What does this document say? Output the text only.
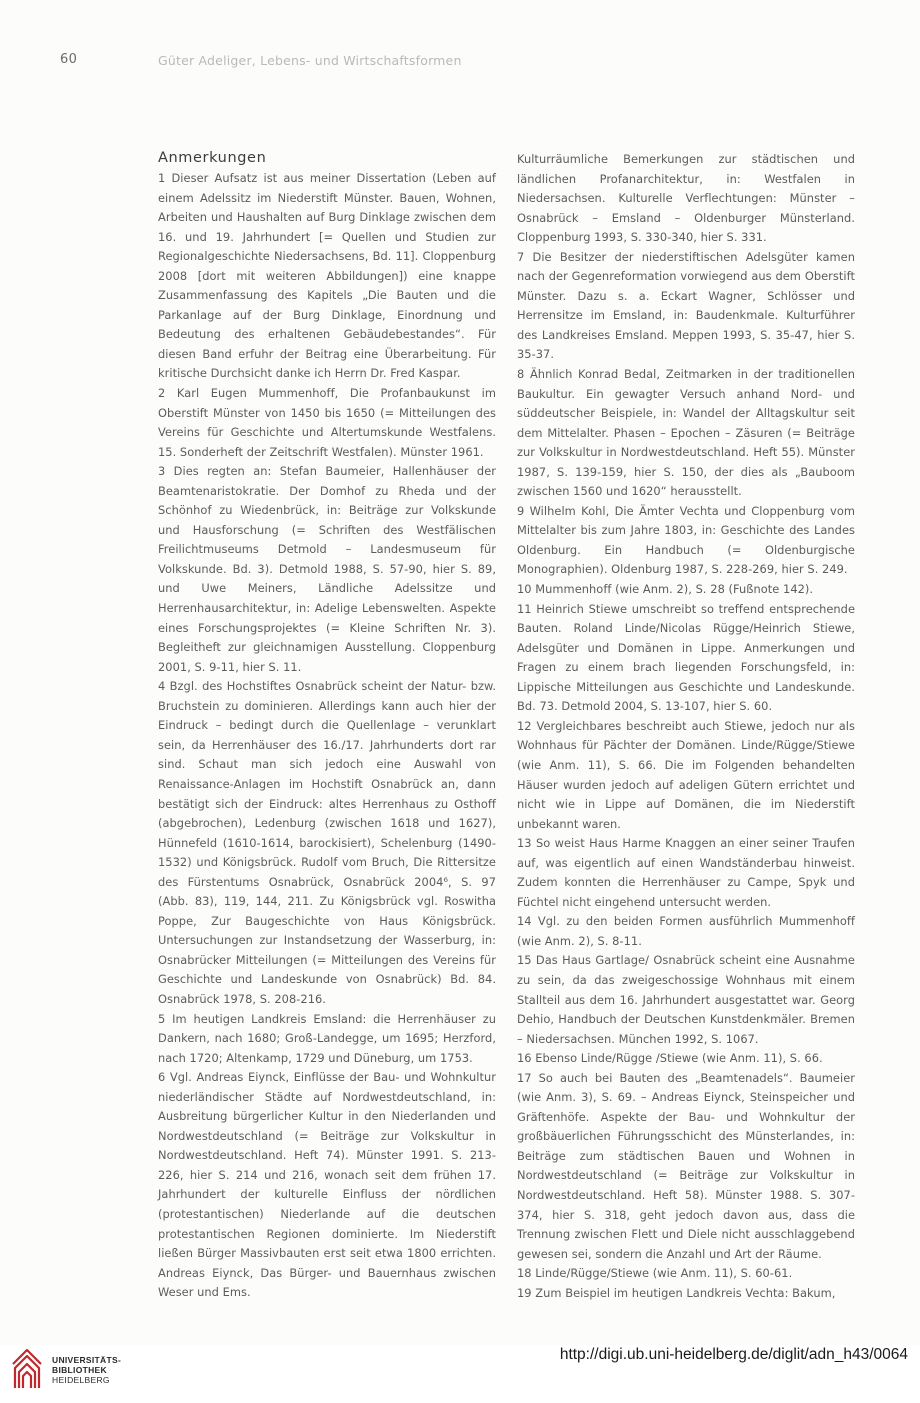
60	Güter Adeliger, Lebens- und Wirtschaftsformen
Anmerkungen

1 Dieser Aufsatz ist aus meiner Dissertation (Leben auf einem Adelssitz im Niederstift Münster. Bauen, Wohnen, Arbeiten und Haushalten auf Burg Dinklage zwischen dem 16. und 19. Jahrhundert [= Quellen und Studien zur Regionalgeschichte Niedersachsens, Bd. 11]. Cloppenburg 2008 [dort mit weiteren Abbildungen]) eine knappe Zusammenfassung des Kapitels „Die Bauten und die Parkanlage auf der Burg Dinklage, Einordnung und Bedeutung des erhaltenen Gebäudebestandes“. Für diesen Band erfuhr der Beitrag eine Überarbeitung. Für kritische Durchsicht danke ich Herrn Dr. Fred Kaspar.

2 Karl Eugen Mummenhoff, Die Profanbaukunst im Oberstift Münster von 1450 bis 1650 (= Mitteilungen des Vereins für Geschichte und Altertumskunde Westfalens. 15. Sonderheft der Zeitschrift Westfalen). Münster 1961.

3 Dies regten an: Stefan Baumeier, Hallenhäuser der Beamtenaristokratie. Der Domhof zu Rheda und der Schönhof zu Wiedenbrück, in: Beiträge zur Volkskunde und Hausforschung (= Schriften des Westfälischen Freilichtmuseums Detmold – Landesmuseum für Volkskunde. Bd. 3). Detmold 1988, S. 57-90, hier S. 89, und Uwe Meiners, Ländliche Adelssitze und Herrenhausarchitektur, in: Adelige Lebenswelten. Aspekte eines Forschungsprojektes (= Kleine Schriften Nr. 3). Begleitheft zur gleichnamigen Ausstellung. Cloppenburg 2001, S. 9-11, hier S. 11.

4 Bzgl. des Hochstiftes Osnabrück scheint der Natur- bzw. Bruchstein zu dominieren. Allerdings kann auch hier der Eindruck – bedingt durch die Quellenlage – verunklart sein, da Herrenhäuser des 16./17. Jahrhunderts dort rar sind. Schaut man sich jedoch eine Auswahl von Renaissance-Anlagen im Hochstift Osnabrück an, dann bestätigt sich der Eindruck: altes Herrenhaus zu Osthoff (abgebrochen), Ledenburg (zwischen 1618 und 1627), Hünnefeld (1610-1614, barockisiert), Schelenburg (1490-1532) und Königsbrück. Rudolf vom Bruch, Die Rittersitze des Fürstentums Osnabrück, Osnabrück 2004⁶, S. 97 (Abb. 83), 119, 144, 211. Zu Königsbrück vgl. Roswitha Poppe, Zur Baugeschichte von Haus Königsbrück. Untersuchungen zur Instandsetzung der Wasserburg, in: Osnabrücker Mitteilungen (= Mitteilungen des Vereins für Geschichte und Landeskunde von Osnabrück) Bd. 84. Osnabrück 1978, S. 208-216.

5 Im heutigen Landkreis Emsland: die Herrenhäuser zu Dankern, nach 1680; Groß-Landegge, um 1695; Herzford, nach 1720; Altenkamp, 1729 und Düneburg, um 1753.

6 Vgl. Andreas Eiynck, Einflüsse der Bau- und Wohnkultur niederländischer Städte auf Nordwestdeutschland, in: Ausbreitung bürgerlicher Kultur in den Niederlanden und Nordwestdeutschland (= Beiträge zur Volkskultur in Nordwestdeutschland. Heft 74). Münster 1991. S. 213-226, hier S. 214 und 216, wonach seit dem frühen 17. Jahrhundert der kulturelle Einfluss der nördlichen (protestantischen) Niederlande auf die deutschen protestantischen Regionen dominierte. Im Niederstift ließen Bürger Massivbauten erst seit etwa 1800 errichten. Andreas Eiynck, Das Bürger- und Bauernhaus zwischen Weser und Ems.

Kulturräumliche Bemerkungen zur städtischen und ländlichen Profanarchitektur, in: Westfalen in Niedersachsen. Kulturelle Verflechtungen: Münster – Osnabrück – Emsland – Oldenburger Münsterland. Cloppenburg 1993, S. 330-340, hier S. 331.

7 Die Besitzer der niederstiftischen Adelsgüter kamen nach der Gegenreformation vorwiegend aus dem Oberstift Münster. Dazu s. a. Eckart Wagner, Schlösser und Herrensitze im Emsland, in: Baudenkmale. Kulturführer des Landkreises Emsland. Meppen 1993, S. 35-47, hier S. 35-37.

8 Ähnlich Konrad Bedal, Zeitmarken in der traditionellen Baukultur. Ein gewagter Versuch anhand Nord- und süddeutscher Beispiele, in: Wandel der Alltagskultur seit dem Mittelalter. Phasen – Epochen – Zäsuren (= Beiträge zur Volkskultur in Nordwestdeutschland. Heft 55). Münster 1987, S. 139-159, hier S. 150, der dies als „Bauboom zwischen 1560 und 1620“ herausstellt.

9 Wilhelm Kohl, Die Ämter Vechta und Cloppenburg vom Mittelalter bis zum Jahre 1803, in: Geschichte des Landes Oldenburg. Ein Handbuch (= Oldenburgische Monographien). Oldenburg 1987, S. 228-269, hier S. 249.

10 Mummenhoff (wie Anm. 2), S. 28 (Fußnote 142).

11 Heinrich Stiewe umschreibt so treffend entsprechende Bauten. Roland Linde/Nicolas Rügge/Heinrich Stiewe, Adelsgüter und Domänen in Lippe. Anmerkungen und Fragen zu einem brach liegenden Forschungsfeld, in: Lippische Mitteilungen aus Geschichte und Landeskunde. Bd. 73. Detmold 2004, S. 13-107, hier S. 60.

12 Vergleichbares beschreibt auch Stiewe, jedoch nur als Wohnhaus für Pächter der Domänen. Linde/Rügge/Stiewe (wie Anm. 11), S. 66. Die im Folgenden behandelten Häuser wurden jedoch auf adeligen Gütern errichtet und nicht wie in Lippe auf Domänen, die im Niederstift unbekannt waren.

13 So weist Haus Harme Knaggen an einer seiner Traufen auf, was eigentlich auf einen Wandständerbau hinweist. Zudem konnten die Herrenhäuser zu Campe, Spyk und Füchtel nicht eingehend untersucht werden.

14 Vgl. zu den beiden Formen ausführlich Mummenhoff (wie Anm. 2), S. 8-11.

15 Das Haus Gartlage/ Osnabrück scheint eine Ausnahme zu sein, da das zweigeschossige Wohnhaus mit einem Stallteil aus dem 16. Jahrhundert ausgestattet war. Georg Dehio, Handbuch der Deutschen Kunstdenkmäler. Bremen – Niedersachsen. München 1992, S. 1067.

16 Ebenso Linde/Rügge /Stiewe (wie Anm. 11), S. 66.

17 So auch bei Bauten des „Beamtenadels“. Baumeier (wie Anm. 3), S. 69. – Andreas Eiynck, Steinspeicher und Gräftenhöfe. Aspekte der Bau- und Wohnkultur der großbäuerlichen Führungsschicht des Münsterlandes, in: Beiträge zum städtischen Bauen und Wohnen in Nordwestdeutschland (= Beiträge zur Volkskultur in Nordwestdeutschland. Heft 58). Münster 1988. S. 307-374, hier S. 318, geht jedoch davon aus, dass die Trennung zwischen Flett und Diele nicht ausschlaggebend gewesen sei, sondern die Anzahl und Art der Räume.

18 Linde/Rügge/Stiewe (wie Anm. 11), S. 60-61.

19 Zum Beispiel im heutigen Landkreis Vechta: Bakum,

UNIVERSITÄTS-
BIBLIOTHEK
HEIDELBERG
http://digi.ub.uni-heidelberg.de/diglit/adn_h43/0064
